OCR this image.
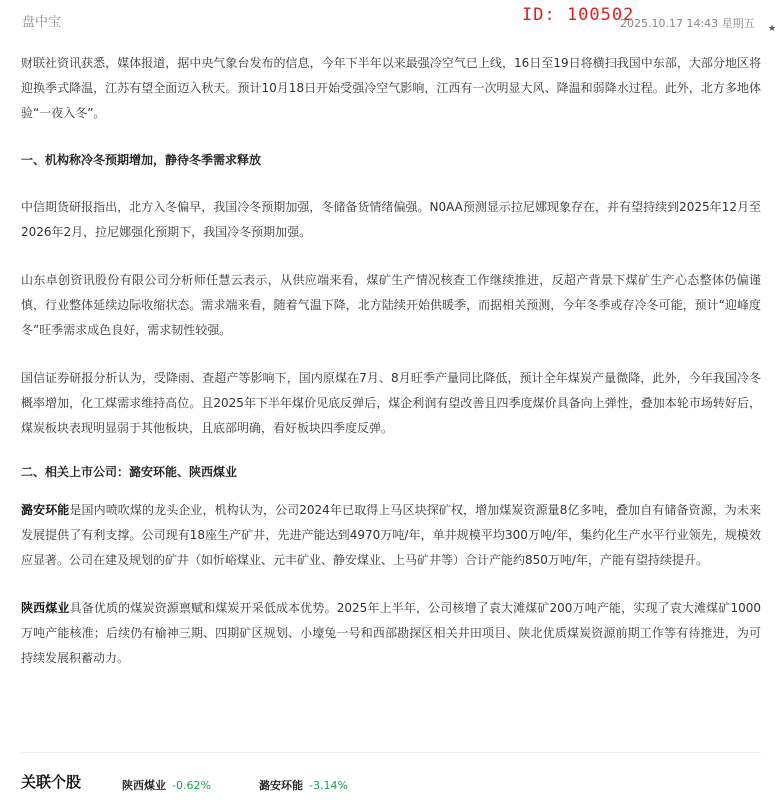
盘中宝	ID: 100502
2025.10.17 14:43 星期五 ★

财联社资讯获悉，媒体报道，据中央气象台发布的信息，今年下半年以来最强冷空气已上线，16日至19日将横扫我国中东部，大部分地区将迎换季式降温，江苏有望全面迈入秋天。预计10月18日开始受强冷空气影响，江西有一次明显大风、降温和弱降水过程。此外，北方多地体验“一夜入冬”。

一、机构称冷冬预期增加，静待冬季需求释放

中信期货研报指出，北方入冬偏早，我国冷冬预期加强，冬储备货情绪偏强。N0AA预测显示拉尼娜现象存在，并有望持续到2025年12月至2026年2月，拉尼娜强化预期下，我国冷冬预期加强。

山东卓创资讯股份有限公司分析师任慧云表示，从供应端来看，煤矿生产情况核查工作继续推进，反超产背景下煤矿生产心态整体仍偏谨慎，行业整体延续边际收缩状态。需求端来看，随着气温下降，北方陆续开始供暖季，而据相关预测，今年冬季或存冷冬可能，预计“迎峰度冬”旺季需求成色良好，需求韧性较强。

国信证券研报分析认为，受降雨、查超产等影响下，国内原煤在7月、8月旺季产量同比降低，预计全年煤炭产量微降，此外，今年我国冷冬概率增加，化工煤需求维持高位。且2025年下半年煤价见底反弹后，煤企利润有望改善且四季度煤价具备向上弹性，叠加本轮市场转好后，煤炭板块表现明显弱于其他板块，且底部明确，看好板块四季度反弹。

二、相关上市公司：潞安环能、陕西煤业

潞安环能是国内喷吹煤的龙头企业，机构认为，公司2024年已取得上马区块探矿权，增加煤炭资源量8亿多吨，叠加自有储备资源，为未来发展提供了有利支撑。公司现有18座生产矿井，先进产能达到4970万吨/年，单井规模平均300万吨/年，集约化生产水平行业领先，规模效应显著。公司在建及规划的矿井（如忻峪煤业、元丰矿业、静安煤业、上马矿井等）合计产能约850万吨/年，产能有望持续提升。

陕西煤业具备优质的煤炭资源禀赋和煤炭开采低成本优势。2025年上半年，公司核增了袁大滩煤矿200万吨产能，实现了袁大滩煤矿1000万吨产能核准；后续仍有榆神三期、四期矿区规划、小壕兔一号和西部勘探区相关井田项目、陕北优质煤炭资源前期工作等有待推进，为可持续发展积蓄动力。

关联个股	陕西煤业 -0.62%	潞安环能 -3.14%
